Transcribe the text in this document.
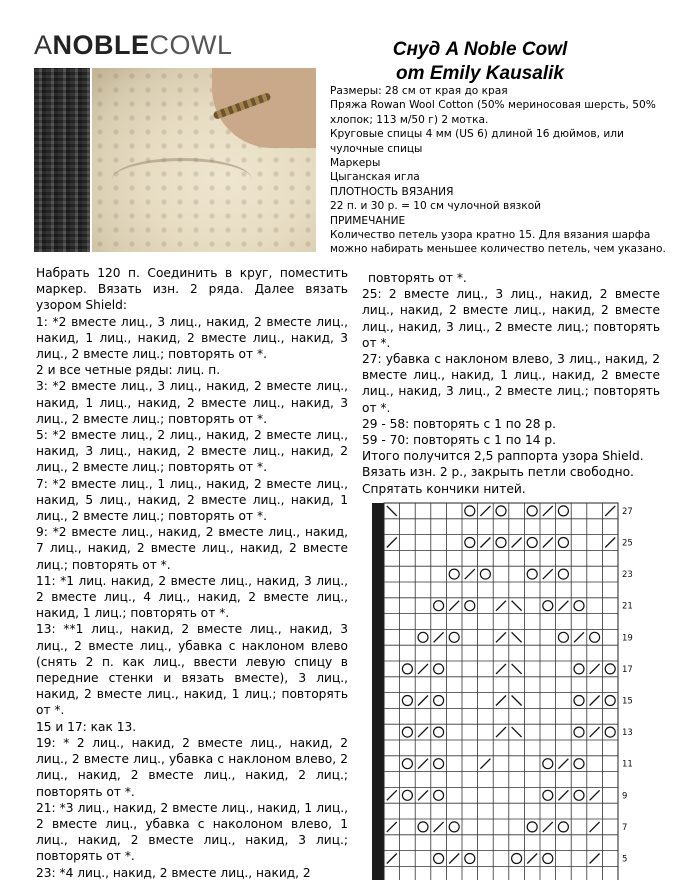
ANOBLECOWL	Снуд A Noble Cowl
от Emily Kausalik
Размеры: 28 см от края до края
Пряжа Rowan Wool Cotton (50% мериносовая шерсть, 50% хлопок; 113 м/50 г) 2 мотка.
Круговые спицы 4 мм (US 6) длиной 16 дюймов, или чулочные спицы
Маркеры
Цыганская игла
ПЛОТНОСТЬ ВЯЗАНИЯ
22 п. и 30 р. = 10 см чулочной вязкой
ПРИМЕЧАНИЕ
Количество петель узора кратно 15. Для вязания шарфа можно набирать меньшее количество петель, чем указано.

Набрать 120 п. Соединить в круг, поместить маркер. Вязать изн. 2 ряда. Далее вязать узором Shield:

1: *2 вместе лиц., 3 лиц., накид, 2 вместе лиц., накид, 1 лиц., накид, 2 вместе лиц., накид, 3 лиц., 2 вместе лиц.; повторять от *.

2 и все четные ряды: лиц. п.

3: *2 вместе лиц., 3 лиц., накид, 2 вместе лиц., накид, 1 лиц., накид, 2 вместе лиц., накид, 3 лиц., 2 вместе лиц.; повторять от *.

5: *2 вместе лиц., 2 лиц., накид, 2 вместе лиц., накид, 3 лиц., накид, 2 вместе лиц., накид, 2 лиц., 2 вместе лиц.; повторять от *.

7: *2 вместе лиц., 1 лиц., накид, 2 вместе лиц., накид, 5 лиц., накид, 2 вместе лиц., накид, 1 лиц., 2 вместе лиц.; повторять от *.

9: *2 вместе лиц., накид, 2 вместе лиц., накид, 7 лиц., накид, 2 вместе лиц., накид, 2 вместе лиц.; повторять от *.

11: *1 лиц. накид, 2 вместе лиц., накид, 3 лиц., 2 вместе лиц., 4 лиц., накид, 2 вместе лиц., накид, 1 лиц.; повторять от *.

13: **1 лиц., накид, 2 вместе лиц., накид, 3 лиц., 2 вместе лиц., убавка с наклоном влево (снять 2 п. как лиц., ввести левую спицу в передние стенки и вязать вместе), 3 лиц., накид, 2 вместе лиц., накид, 1 лиц.; повторять от *.

15 и 17: как 13.

19: * 2 лиц., накид, 2 вместе лиц., накид, 2 лиц., 2 вместе лиц., убавка с наклоном влево, 2 лиц., накид, 2 вместе лиц., накид, 2 лиц.; повторять от *.

21: *3 лиц., накид, 2 вместе лиц., накид, 1 лиц., 2 вместе лиц., убавка с наколоном влево, 1 лиц., накид, 2 вместе лиц., накид, 3 лиц.; повторять от *.

23: *4 лиц., накид, 2 вместе лиц., накид, 2

повторять от *.

25: 2 вместе лиц., 3 лиц., накид, 2 вместе лиц., накид, 2 вместе лиц., накид, 2 вместе лиц., накид, 3 лиц., 2 вместе лиц.; повторять от *.

27: убавка с наклоном влево, 3 лиц., накид, 2 вместе лиц., накид, 1 лиц., накид, 2 вместе лиц., накид, 3 лиц., 2 вместе лиц.; повторять от *.

29 - 58: повторять с 1 по 28 р.

59 - 70: повторять с 1 по 14 р.

Итого получится 2,5 раппорта узора Shield.

Вязать изн. 2 р., закрыть петли свободно.

Спрятать кончики нитей.

27
25
23
21
19
17
15
13
11
9
7
5
